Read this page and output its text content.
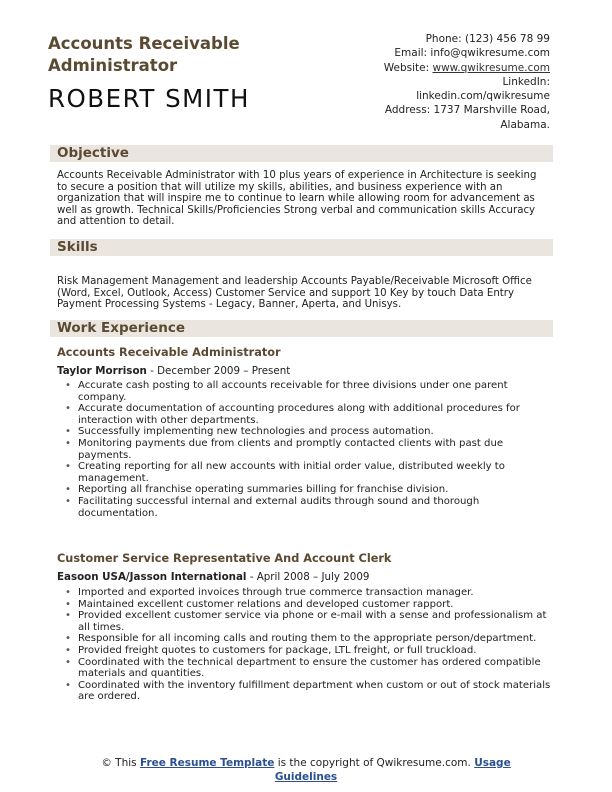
Accounts Receivable
Administrator
ROBERT SMITH
Phone: (123) 456 78 99
Email: info@qwikresume.com
Website: www.qwikresume.com
LinkedIn:
linkedin.com/qwikresume
Address: 1737 Marshville Road,
Alabama.
Objective
Accounts Receivable Administrator with 10 plus years of experience in Architecture is seeking to secure a position that will utilize my skills, abilities, and business experience with an organization that will inspire me to continue to learn while allowing room for advancement as well as growth. Technical Skills/Proficiencies Strong verbal and communication skills Accuracy and attention to detail.
Skills
Risk Management Management and leadership Accounts Payable/Receivable Microsoft Office (Word, Excel, Outlook, Access) Customer Service and support 10 Key by touch Data Entry Payment Processing Systems - Legacy, Banner, Aperta, and Unisys.
Work Experience
Accounts Receivable Administrator
Taylor Morrison - December 2009 – Present
• Accurate cash posting to all accounts receivable for three divisions under one parent company.
• Accurate documentation of accounting procedures along with additional procedures for interaction with other departments.
• Successfully implementing new technologies and process automation.
• Monitoring payments due from clients and promptly contacted clients with past due payments.
• Creating reporting for all new accounts with initial order value, distributed weekly to management.
• Reporting all franchise operating summaries billing for franchise division.
• Facilitating successful internal and external audits through sound and thorough documentation.
Customer Service Representative And Account Clerk
Easoon USA/Jasson International - April 2008 – July 2009
• Imported and exported invoices through true commerce transaction manager.
• Maintained excellent customer relations and developed customer rapport.
• Provided excellent customer service via phone or e-mail with a sense and professionalism at all times.
• Responsible for all incoming calls and routing them to the appropriate person/department.
• Provided freight quotes to customers for package, LTL freight, or full truckload.
• Coordinated with the technical department to ensure the customer has ordered compatible materials and quantities.
• Coordinated with the inventory fulfillment department when custom or out of stock materials are ordered.
© This Free Resume Template is the copyright of Qwikresume.com. Usage
Guidelines
